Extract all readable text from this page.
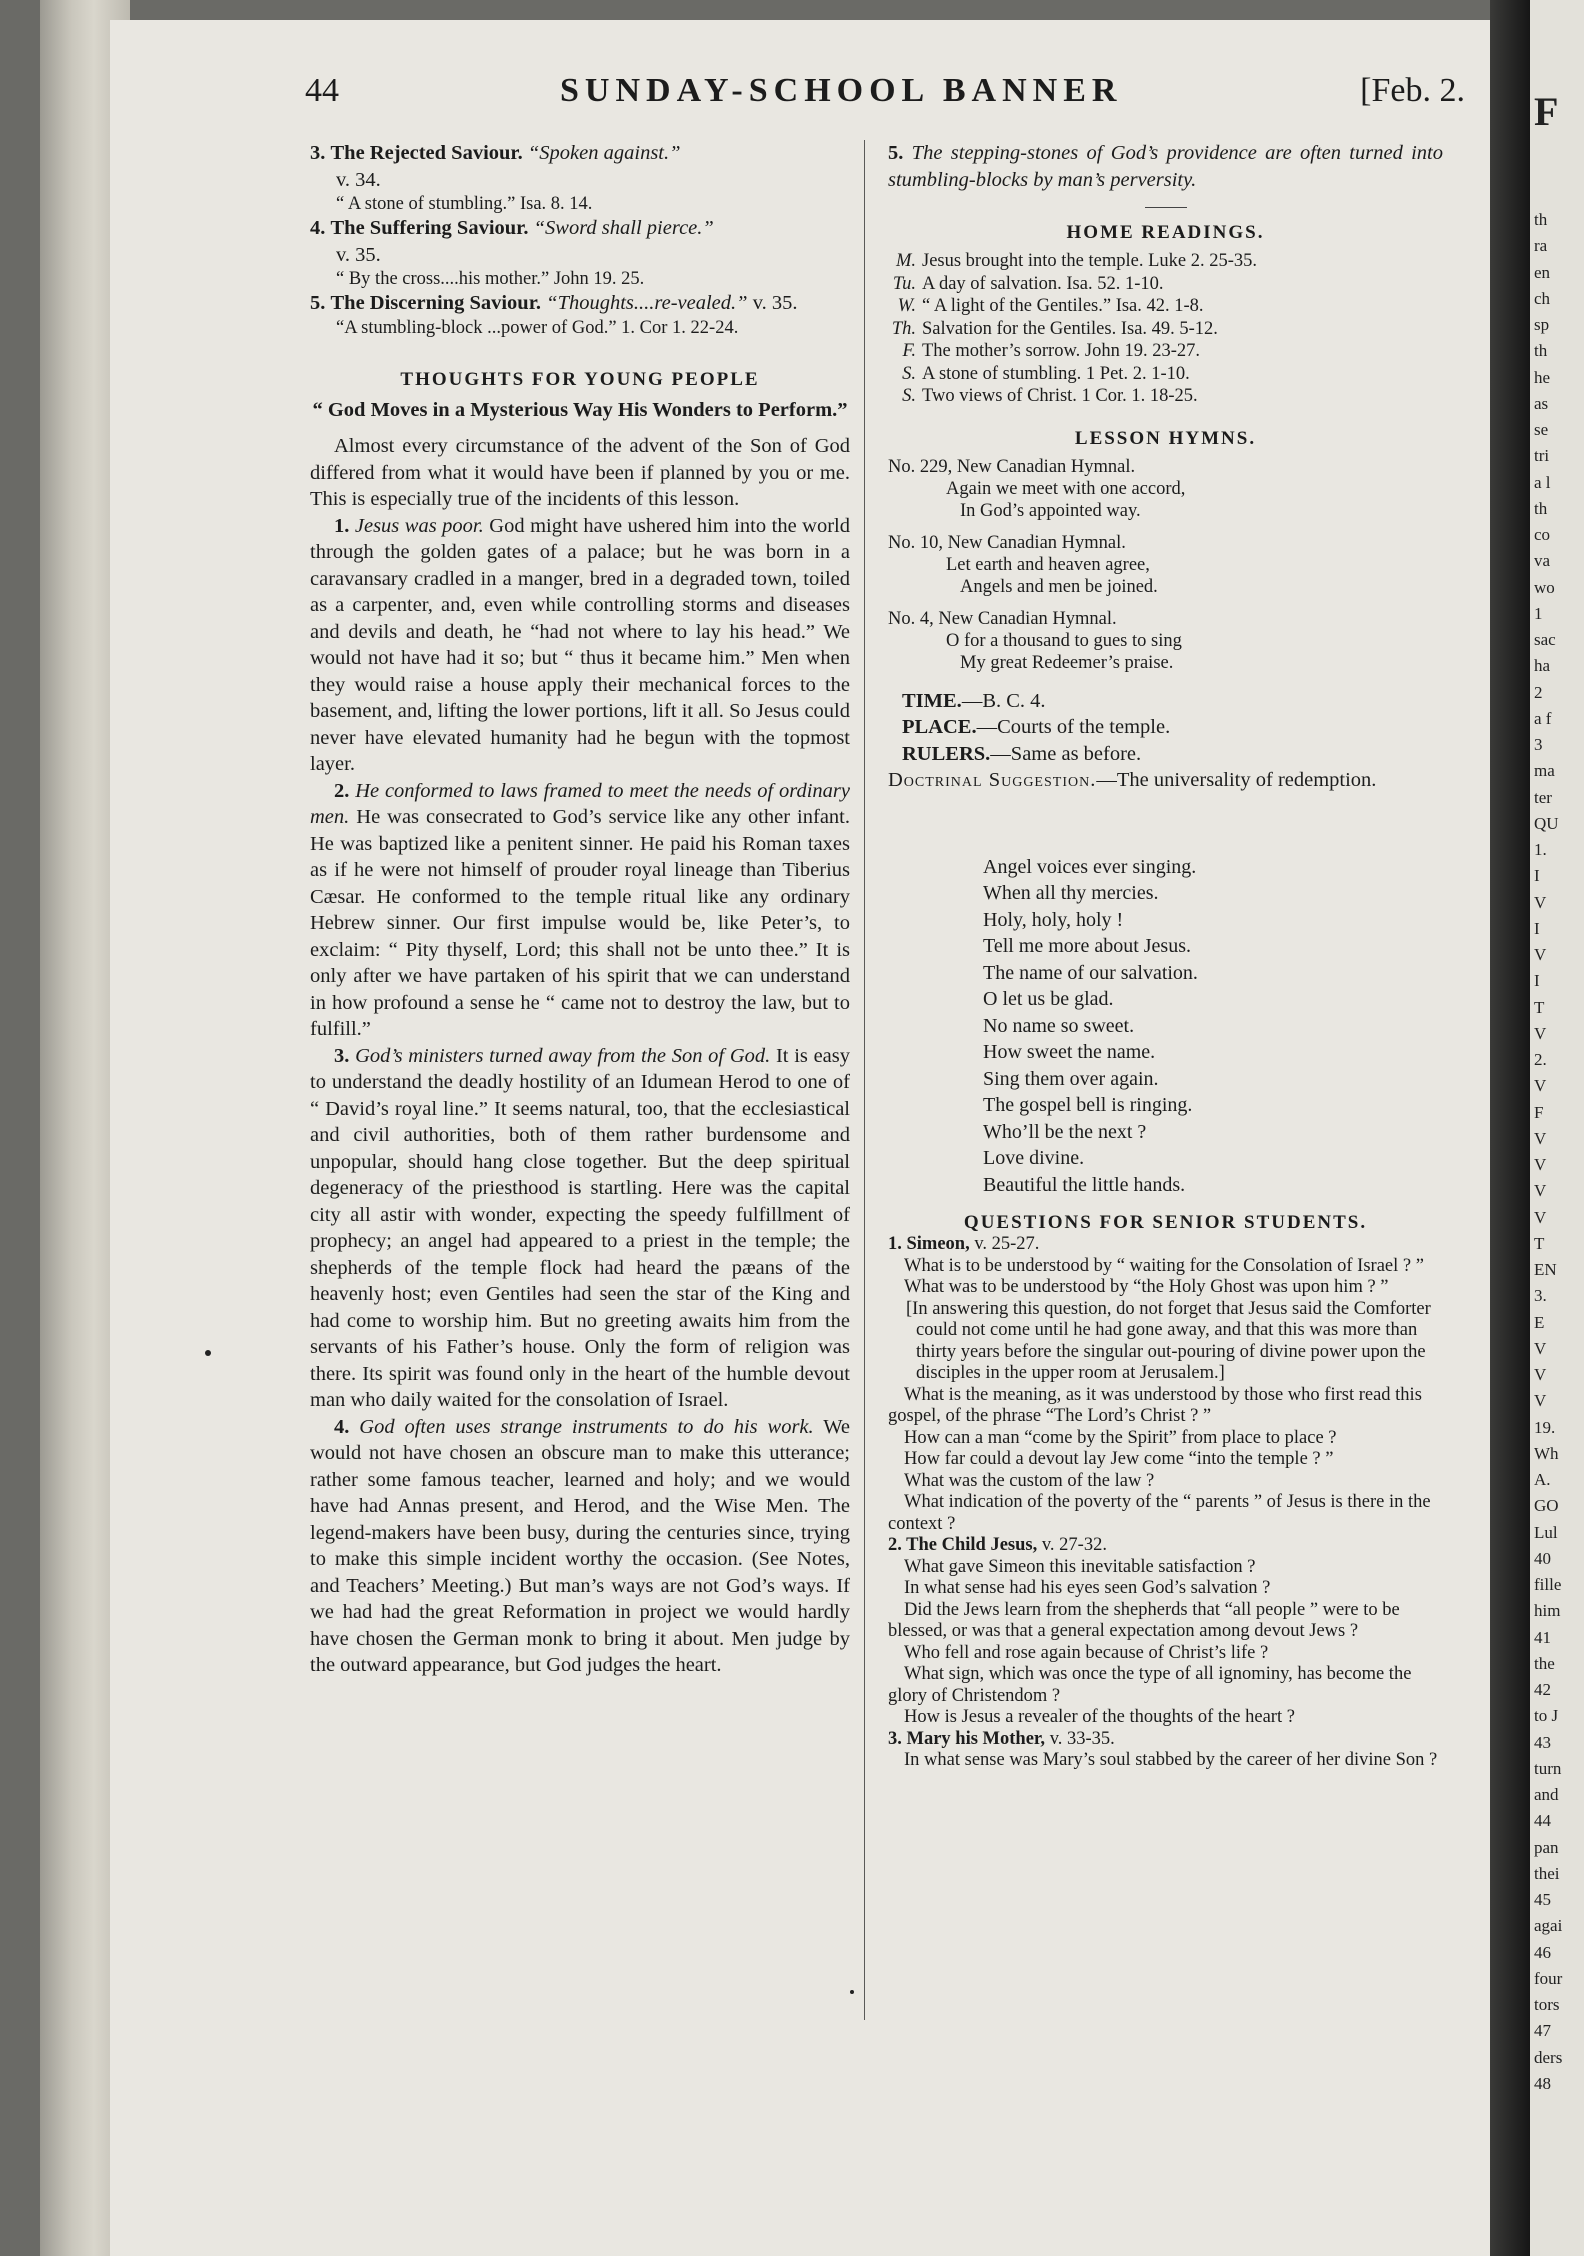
F
th
ra
en
ch
sp
th
he
as
se
tri
a l
th
co
va
wo
1
sac
ha
2
a f
3
ma
ter
QU
1.
I
V
I
V
I
T
V
2.
V
F
V
V
V
V
T
EN
3.
E
V
V
V
19.
Wh
A.
GO
Lul
40
fille
him
41
the
42
to J
43
turn
and
44
pan
thei
45
agai
46
four
tors
47
ders
48
44	SUNDAY-SCHOOL BANNER	[Feb. 2.

3. The Rejected Saviour. “Spoken against.”

v. 34.

“ A stone of stumbling.” Isa. 8. 14.

4. The Suffering Saviour. “Sword shall pierce.”

v. 35.

“ By the cross....his mother.” John 19. 25.

5. The Discerning Saviour. “Thoughts....re-vealed.” v. 35.

“A stumbling-block ...power of God.” 1. Cor 1. 22-24.

THOUGHTS FOR YOUNG PEOPLE

“ God Moves in a Mysterious Way His Wonders to Perform.”

Almost every circumstance of the advent of the Son of God differed from what it would have been if planned by you or me. This is especially true of the incidents of this lesson.

1. Jesus was poor. God might have ushered him into the world through the golden gates of a palace; but he was born in a caravansary cradled in a manger, bred in a degraded town, toiled as a carpenter, and, even while controlling storms and diseases and devils and death, he “had not where to lay his head.” We would not have had it so; but “ thus it became him.” Men when they would raise a house apply their mechanical forces to the basement, and, lifting the lower portions, lift it all. So Jesus could never have elevated humanity had he begun with the topmost layer.

2. He conformed to laws framed to meet the needs of ordinary men. He was consecrated to God’s service like any other infant. He was baptized like a penitent sinner. He paid his Roman taxes as if he were not himself of prouder royal lineage than Tiberius Cæsar. He conformed to the temple ritual like any ordinary Hebrew sinner. Our first impulse would be, like Peter’s, to exclaim: “ Pity thyself, Lord; this shall not be unto thee.” It is only after we have partaken of his spirit that we can understand in how profound a sense he “ came not to destroy the law, but to fulfill.”

3. God’s ministers turned away from the Son of God. It is easy to understand the deadly hostility of an Idumean Herod to one of “ David’s royal line.” It seems natural, too, that the ecclesiastical and civil authorities, both of them rather burdensome and unpopular, should hang close together. But the deep spiritual degeneracy of the priesthood is startling. Here was the capital city all astir with wonder, expecting the speedy fulfillment of prophecy; an angel had appeared to a priest in the temple; the shepherds of the temple flock had heard the pæans of the heavenly host; even Gentiles had seen the star of the King and had come to worship him. But no greeting awaits him from the servants of his Father’s house. Only the form of religion was there. Its spirit was found only in the heart of the humble devout man who daily waited for the consolation of Israel.

4. God often uses strange instruments to do his work. We would not have chosen an obscure man to make this utterance; rather some famous teacher, learned and holy; and we would have had Annas present, and Herod, and the Wise Men. The legend-makers have been busy, during the centuries since, trying to make this simple incident worthy the occasion. (See Notes, and Teachers’ Meeting.) But man’s ways are not God’s ways. If we had had the great Reformation in project we would hardly have chosen the German monk to bring it about. Men judge by the outward appearance, but God judges the heart.

5. The stepping-stones of God’s providence are often turned into stumbling-blocks by man’s perversity.

HOME READINGS.

M. Jesus brought into the temple. Luke 2. 25-35.
Tu. A day of salvation. Isa. 52. 1-10.
W. “ A light of the Gentiles.” Isa. 42. 1-8.
Th. Salvation for the Gentiles. Isa. 49. 5-12.
F. The mother’s sorrow. John 19. 23-27.
S. A stone of stumbling. 1 Pet. 2. 1-10.
S. Two views of Christ. 1 Cor. 1. 18-25.

LESSON HYMNS.

No. 229, New Canadian Hymnal.

Again we meet with one accord,

In God’s appointed way.

No. 10, New Canadian Hymnal.

Let earth and heaven agree,

Angels and men be joined.

No. 4, New Canadian Hymnal.

O for a thousand to gues to sing

My great Redeemer’s praise.

TIME.—B. C. 4.

PLACE.—Courts of the temple.

RULERS.—Same as before.

Doctrinal Suggestion.—The universality of redemption.

Angel voices ever singing.

When all thy mercies.

Holy, holy, holy !

Tell me more about Jesus.

The name of our salvation.

O let us be glad.

No name so sweet.

How sweet the name.

Sing them over again.

The gospel bell is ringing.

Who’ll be the next ?

Love divine.

Beautiful the little hands.

QUESTIONS FOR SENIOR STUDENTS.

1. Simeon, v. 25-27.

What is to be understood by “ waiting for the Consolation of Israel ? ”

What was to be understood by “the Holy Ghost was upon him ? ”

[In answering this question, do not forget that Jesus said the Comforter could not come until he had gone away, and that this was more than thirty years before the singular out-pouring of divine power upon the disciples in the upper room at Jerusalem.]

What is the meaning, as it was understood by those who first read this gospel, of the phrase “The Lord’s Christ ? ”

How can a man “come by the Spirit” from place to place ?

How far could a devout lay Jew come “into the temple ? ”

What was the custom of the law ?

What indication of the poverty of the “ parents ” of Jesus is there in the context ?

2. The Child Jesus, v. 27-32.

What gave Simeon this inevitable satisfaction ?

In what sense had his eyes seen God’s salvation ?

Did the Jews learn from the shepherds that “all people ” were to be blessed, or was that a general expectation among devout Jews ?

Who fell and rose again because of Christ’s life ?

What sign, which was once the type of all ignominy, has become the glory of Christendom ?

How is Jesus a revealer of the thoughts of the heart ?

3. Mary his Mother, v. 33-35.

In what sense was Mary’s soul stabbed by the career of her divine Son ?
